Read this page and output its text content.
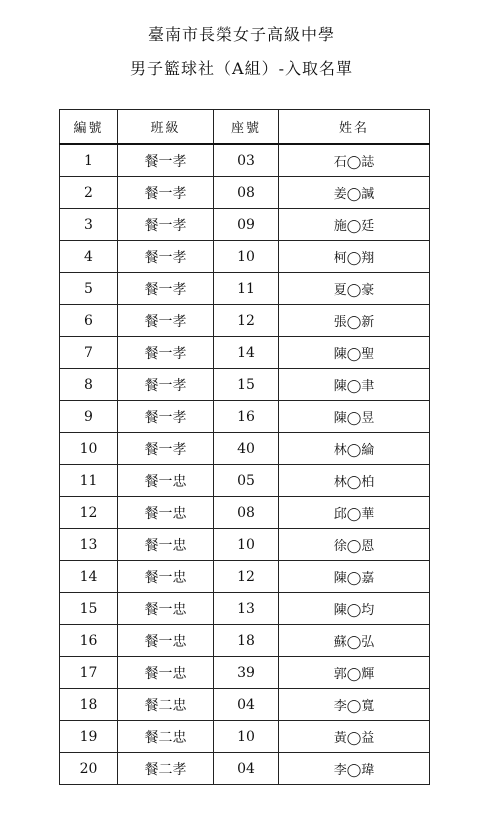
臺南市長榮女子高級中學
男子籃球社（A組）-入取名單
編號	班級	座號	姓名
1	餐一孝	03	石◯誌
2	餐一孝	08	姜◯諴
3	餐一孝	09	施◯廷
4	餐一孝	10	柯◯翔
5	餐一孝	11	夏◯豪
6	餐一孝	12	張◯新
7	餐一孝	14	陳◯聖
8	餐一孝	15	陳◯聿
9	餐一孝	16	陳◯昱
10	餐一孝	40	林◯綸
11	餐一忠	05	林◯柏
12	餐一忠	08	邱◯華
13	餐一忠	10	徐◯恩
14	餐一忠	12	陳◯嘉
15	餐一忠	13	陳◯均
16	餐一忠	18	蘇◯弘
17	餐一忠	39	郭◯輝
18	餐二忠	04	李◯寬
19	餐二忠	10	黃◯益
20	餐二孝	04	李◯瑋
